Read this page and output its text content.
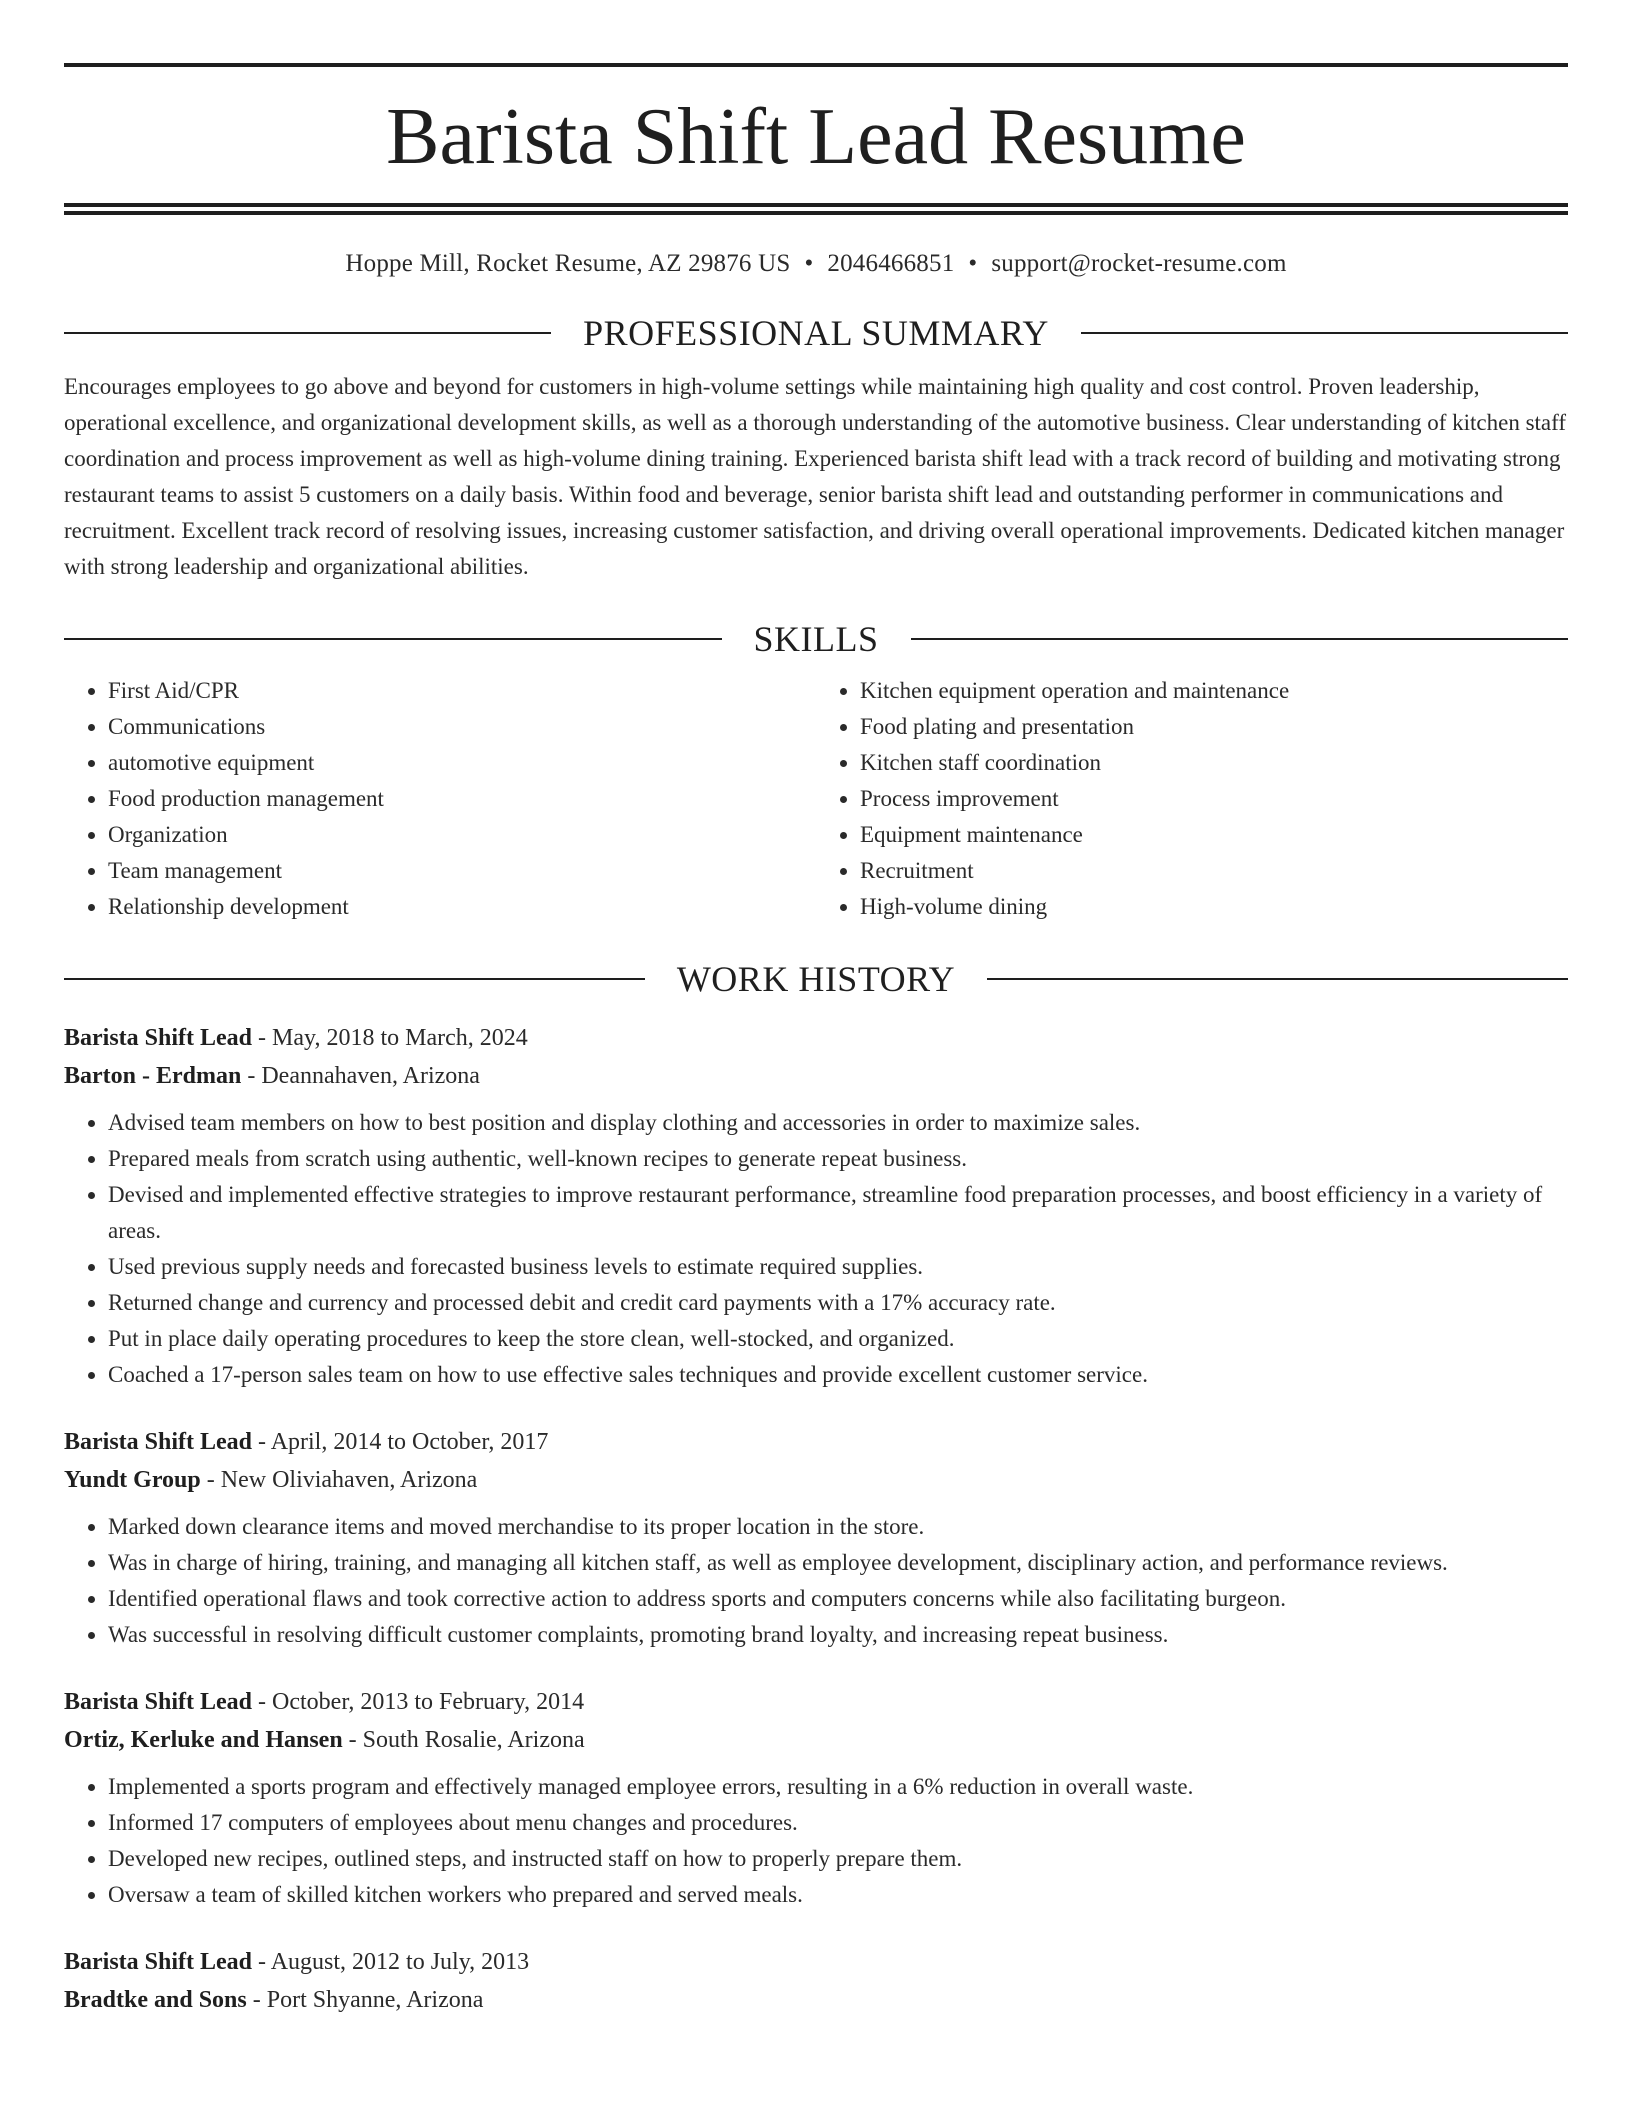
Barista Shift Lead Resume
Hoppe Mill, Rocket Resume, AZ 29876 US • 2046466851 • support@rocket-resume.com
PROFESSIONAL SUMMARY

Encourages employees to go above and beyond for customers in high-volume settings while maintaining high quality and cost control. Proven leadership, operational excellence, and organizational development skills, as well as a thorough understanding of the automotive business. Clear understanding of kitchen staff coordination and process improvement as well as high-volume dining training. Experienced barista shift lead with a track record of building and motivating strong restaurant teams to assist 5 customers on a daily basis. Within food and beverage, senior barista shift lead and outstanding performer in communications and recruitment. Excellent track record of resolving issues, increasing customer satisfaction, and driving overall operational improvements. Dedicated kitchen manager with strong leadership and organizational abilities.

SKILLS
• First Aid/CPR
• Communications
• automotive equipment
• Food production management
• Organization
• Team management
• Relationship development
• Kitchen equipment operation and maintenance
• Food plating and presentation
• Kitchen staff coordination
• Process improvement
• Equipment maintenance
• Recruitment
• High-volume dining
WORK HISTORY
Barista Shift Lead - May, 2018 to March, 2024
Barton - Erdman - Deannahaven, Arizona
• Advised team members on how to best position and display clothing and accessories in order to maximize sales.
• Prepared meals from scratch using authentic, well-known recipes to generate repeat business.
• Devised and implemented effective strategies to improve restaurant performance, streamline food preparation processes, and boost efficiency in a variety of areas.
• Used previous supply needs and forecasted business levels to estimate required supplies.
• Returned change and currency and processed debit and credit card payments with a 17% accuracy rate.
• Put in place daily operating procedures to keep the store clean, well-stocked, and organized.
• Coached a 17-person sales team on how to use effective sales techniques and provide excellent customer service.
Barista Shift Lead - April, 2014 to October, 2017
Yundt Group - New Oliviahaven, Arizona
• Marked down clearance items and moved merchandise to its proper location in the store.
• Was in charge of hiring, training, and managing all kitchen staff, as well as employee development, disciplinary action, and performance reviews.
• Identified operational flaws and took corrective action to address sports and computers concerns while also facilitating burgeon.
• Was successful in resolving difficult customer complaints, promoting brand loyalty, and increasing repeat business.
Barista Shift Lead - October, 2013 to February, 2014
Ortiz, Kerluke and Hansen - South Rosalie, Arizona
• Implemented a sports program and effectively managed employee errors, resulting in a 6% reduction in overall waste.
• Informed 17 computers of employees about menu changes and procedures.
• Developed new recipes, outlined steps, and instructed staff on how to properly prepare them.
• Oversaw a team of skilled kitchen workers who prepared and served meals.
Barista Shift Lead - August, 2012 to July, 2013
Bradtke and Sons - Port Shyanne, Arizona
